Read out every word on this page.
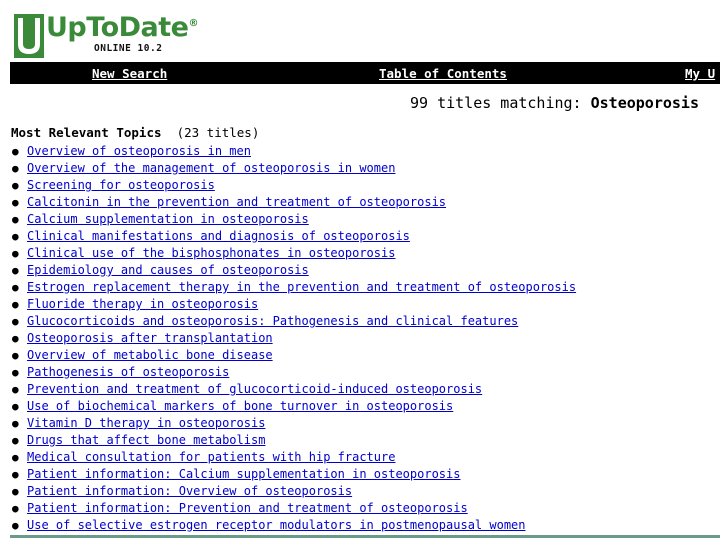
UpToDate®
ONLINE 10.2
New Search	Table of Contents	My U
99 titles matching: Osteoporosis
Most Relevant Topics (23 titles)
● Overview of osteoporosis in men
● Overview of the management of osteoporosis in women
● Screening for osteoporosis
● Calcitonin in the prevention and treatment of osteoporosis
● Calcium supplementation in osteoporosis
● Clinical manifestations and diagnosis of osteoporosis
● Clinical use of the bisphosphonates in osteoporosis
● Epidemiology and causes of osteoporosis
● Estrogen replacement therapy in the prevention and treatment of osteoporosis
● Fluoride therapy in osteoporosis
● Glucocorticoids and osteoporosis: Pathogenesis and clinical features
● Osteoporosis after transplantation
● Overview of metabolic bone disease
● Pathogenesis of osteoporosis
● Prevention and treatment of glucocorticoid-induced osteoporosis
● Use of biochemical markers of bone turnover in osteoporosis
● Vitamin D therapy in osteoporosis
● Drugs that affect bone metabolism
● Medical consultation for patients with hip fracture
● Patient information: Calcium supplementation in osteoporosis
● Patient information: Overview of osteoporosis
● Patient information: Prevention and treatment of osteoporosis
● Use of selective estrogen receptor modulators in postmenopausal women
